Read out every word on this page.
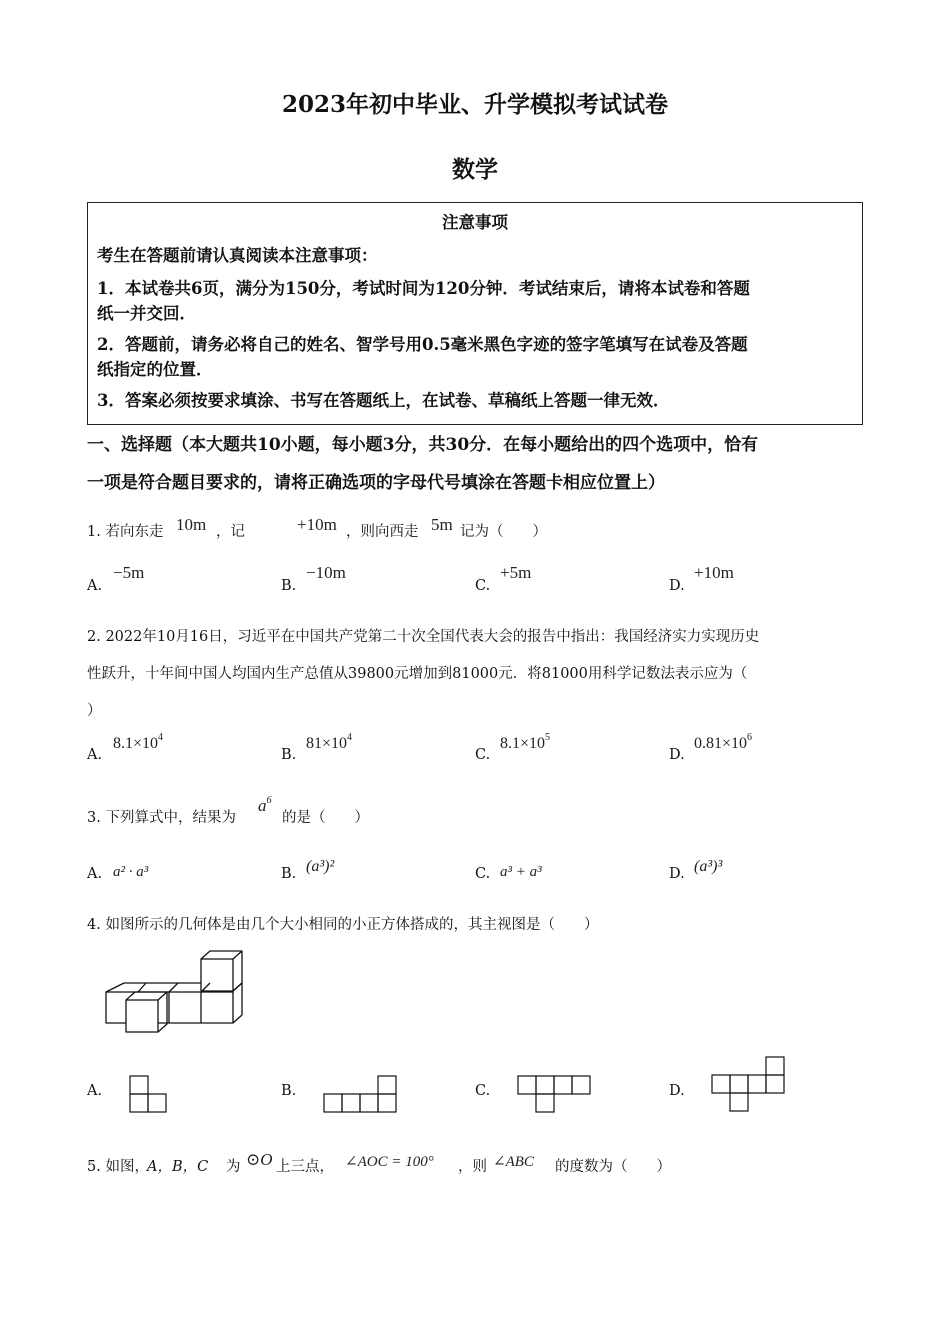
2023年初中毕业、升学模拟考试试卷
数学
注意事项
考生在答题前请认真阅读本注意事项：
1．本试卷共6页，满分为150分，考试时间为120分钟．考试结束后，请将本试卷和答题
纸一并交回．
2．答题前，请务必将自己的姓名、智学号用0.5毫米黑色字迹的签字笔填写在试卷及答题
纸指定的位置．
3．答案必须按要求填涂、书写在答题纸上，在试卷、草稿纸上答题一律无效．
一、选择题（本大题共10小题，每小题3分，共30分．在每小题给出的四个选项中，恰有
一项是符合题目要求的，请将正确选项的字母代号填涂在答题卡相应位置上）
1. 若向东走 10m ，记	+10m ，则向西走 5m 记为（　　）
A.
−5m
B.
−10m
C.
+5m
D.
+10m
2. 2022年10月16日，习近平在中国共产党第二十次全国代表大会的报告中指出：我国经济实力实现历史
性跃升，十年间中国人均国内生产总值从39800元增加到81000元．将81000用科学记数法表示应为（
）
A.
$8.1\times 10^4$
B.
$81\times 10^4$
C.
$8.1\times 10^5$
D.
$0.81\times 10^6$
3. 下列算式中，结果为
$a^6$
的是（　　）
A. a² · a³	B. (a³)²	C. a³ + a³	D. (a³)³
4. 如图所示的几何体是由几个大小相同的小正方体搭成的，其主视图是（　　）
A.	B.	C.	D.
5. 如图，
A，B，C 为 ⊙O 上三点， ∠AOC = 100° ，则 ∠ABC 的度数为（　　）
